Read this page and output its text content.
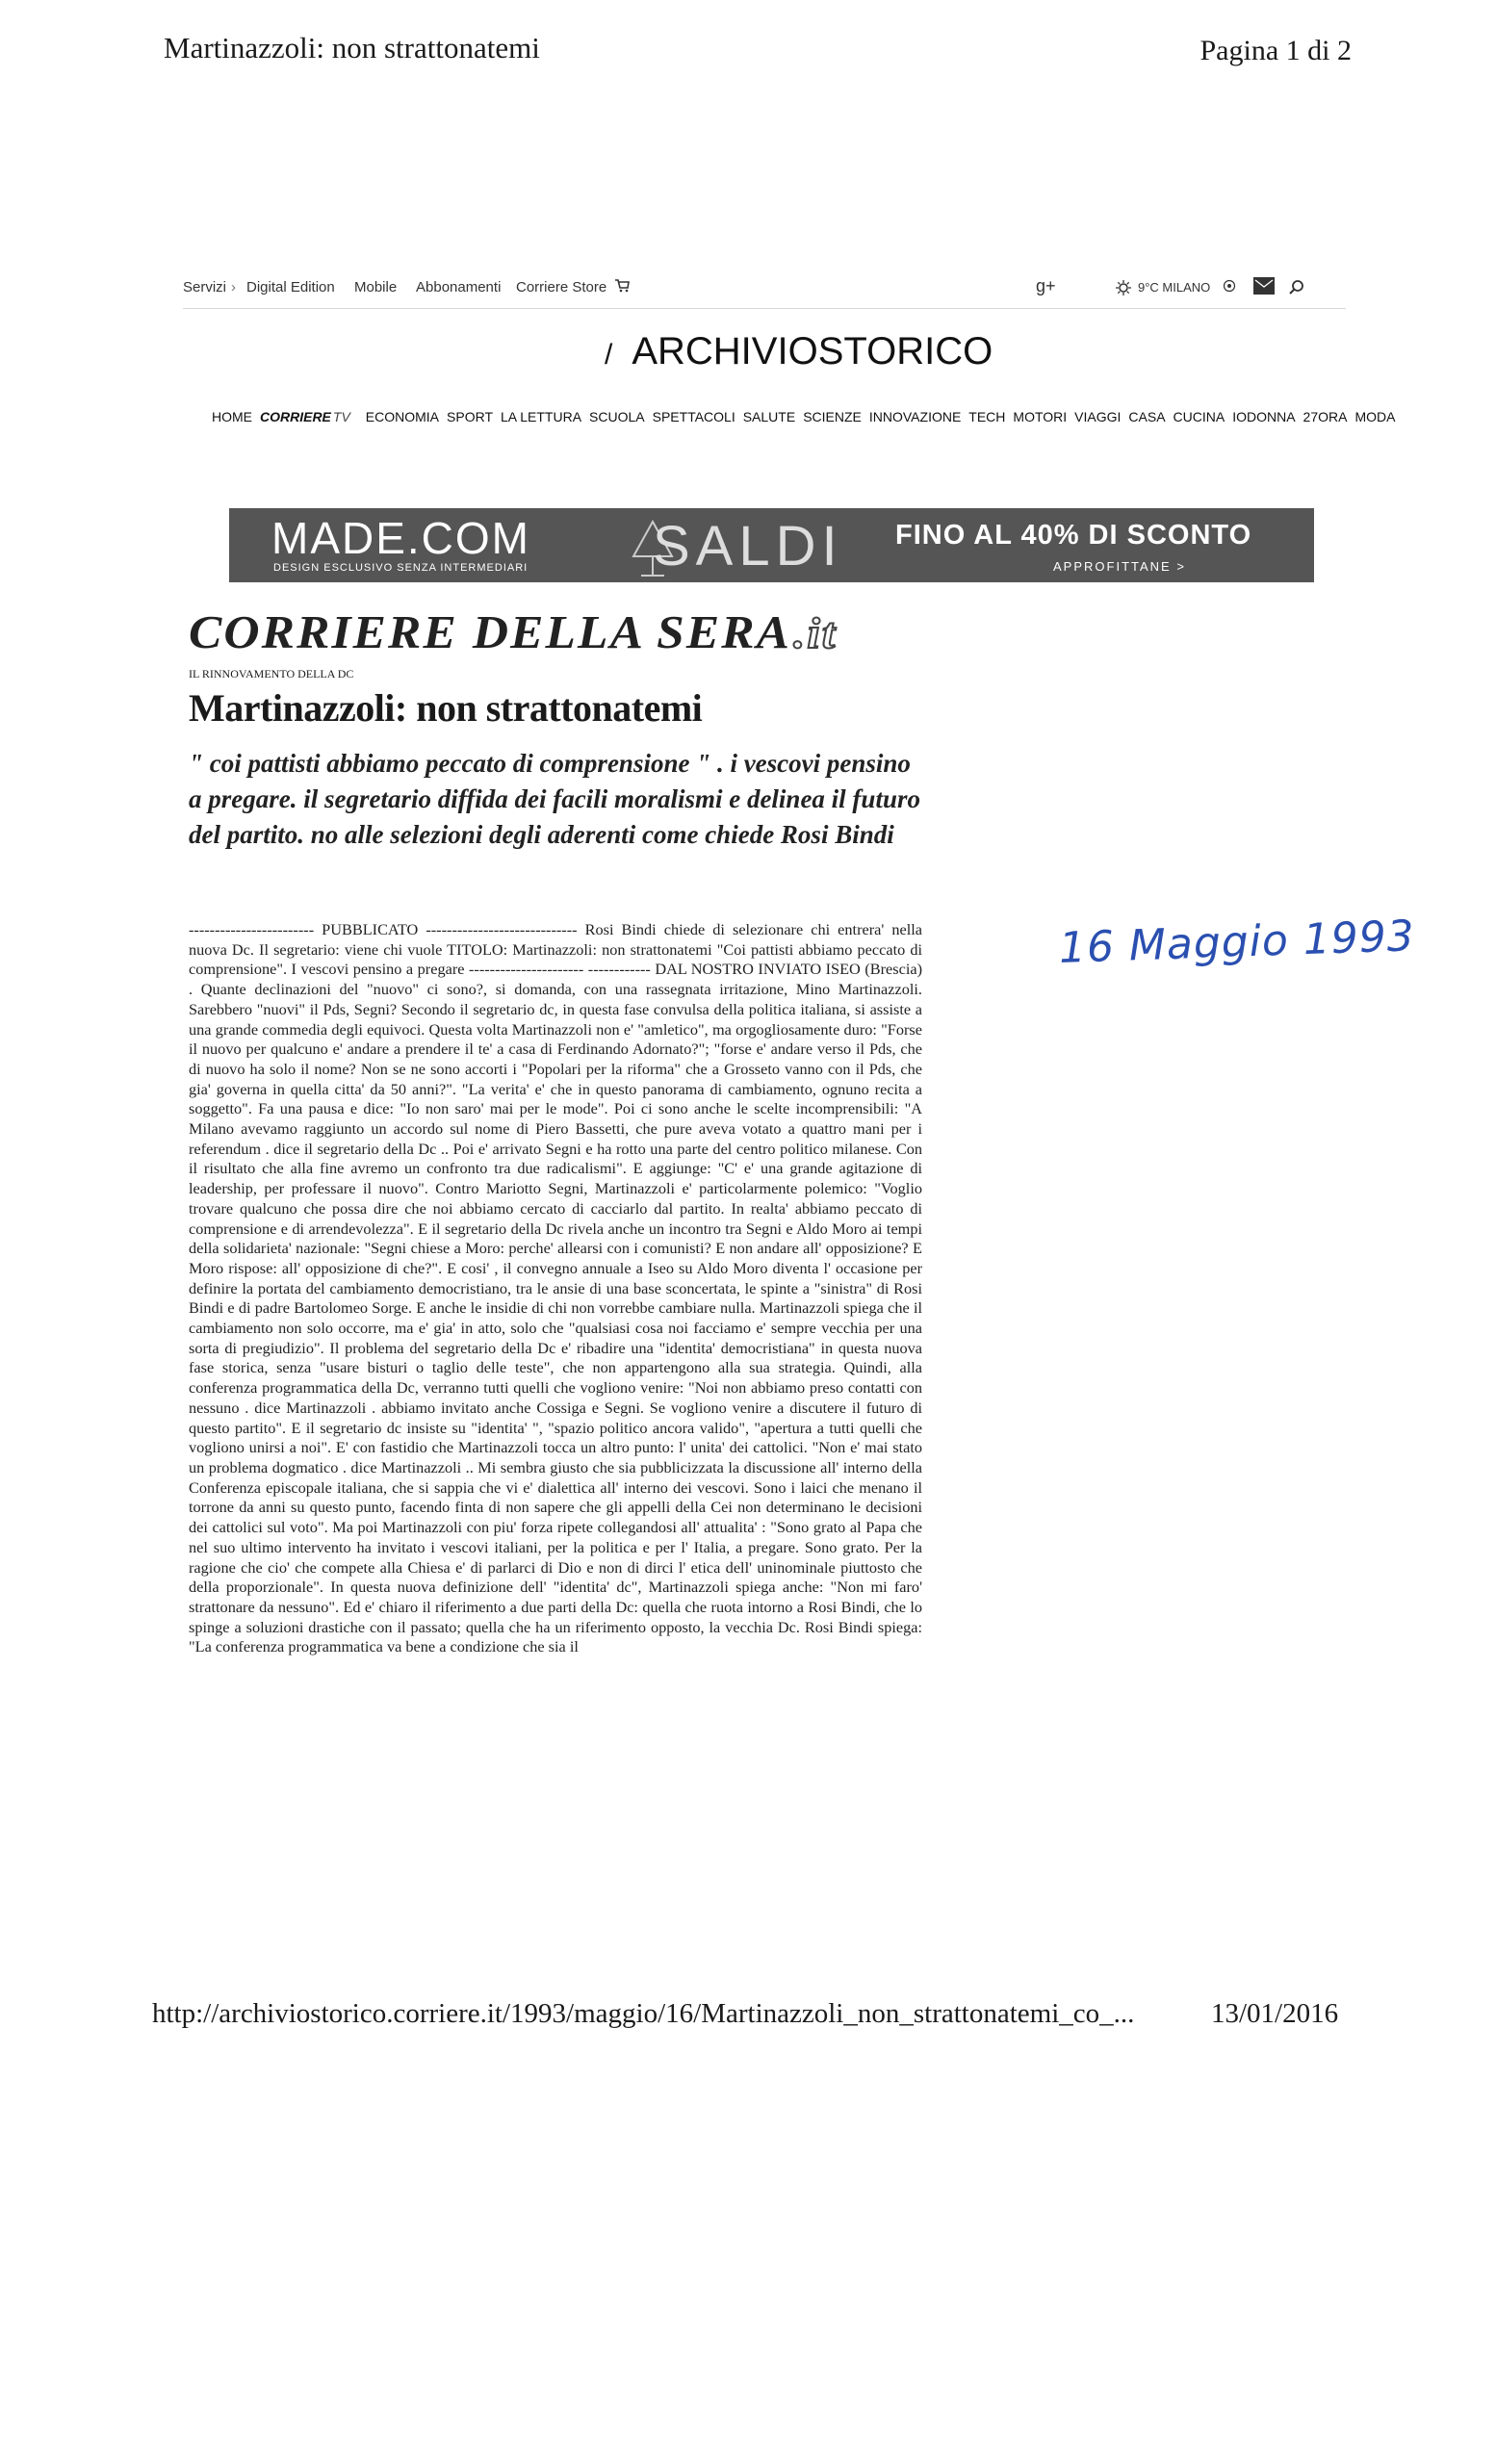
Martinazzoli: non strattonatemi	Pagina 1 di 2
Servizi › Digital Edition Mobile Abbonamenti Corriere Store	g+	9°C MILANO
/ ARCHIVIOSTORICO
HOME CORRIERE TV ECONOMIA SPORT LA LETTURA SCUOLA SPETTACOLI SALUTE SCIENZE INNOVAZIONE TECH MOTORI VIAGGI CASA CUCINA IODONNA 27ORA MODA
MADE.COM
DESIGN ESCLUSIVO SENZA INTERMEDIARI SALDI FINO AL 40% DI SCONTO
APPROFITTANE >
CORRIERE DELLA SERA.it
IL RINNOVAMENTO DELLA DC
Martinazzoli: non strattonatemi
" coi pattisti abbiamo peccato di comprensione " . i vescovi pensino a pregare. il segretario diffida dei facili moralismi e delinea il futuro del partito. no alle selezioni degli aderenti come chiede Rosi Bindi
------------------------ PUBBLICATO ----------------------------- Rosi Bindi chiede di selezionare chi entrera' nella nuova Dc. Il segretario: viene chi vuole TITOLO: Martinazzoli: non strattonatemi "Coi pattisti abbiamo peccato di comprensione". I vescovi pensino a pregare ---------------------- ------------ DAL NOSTRO INVIATO ISEO (Brescia) . Quante declinazioni del "nuovo" ci sono?, si domanda, con una rassegnata irritazione, Mino Martinazzoli. Sarebbero "nuovi" il Pds, Segni? Secondo il segretario dc, in questa fase convulsa della politica italiana, si assiste a una grande commedia degli equivoci. Questa volta Martinazzoli non e' "amletico", ma orgogliosamente duro: "Forse il nuovo per qualcuno e' andare a prendere il te' a casa di Ferdinando Adornato?"; "forse e' andare verso il Pds, che di nuovo ha solo il nome? Non se ne sono accorti i "Popolari per la riforma" che a Grosseto vanno con il Pds, che gia' governa in quella citta' da 50 anni?". "La verita' e' che in questo panorama di cambiamento, ognuno recita a soggetto". Fa una pausa e dice: "Io non saro' mai per le mode". Poi ci sono anche le scelte incomprensibili: "A Milano avevamo raggiunto un accordo sul nome di Piero Bassetti, che pure aveva votato a quattro mani per i referendum . dice il segretario della Dc .. Poi e' arrivato Segni e ha rotto una parte del centro politico milanese. Con il risultato che alla fine avremo un confronto tra due radicalismi". E aggiunge: "C' e' una grande agitazione di leadership, per professare il nuovo". Contro Mariotto Segni, Martinazzoli e' particolarmente polemico: "Voglio trovare qualcuno che possa dire che noi abbiamo cercato di cacciarlo dal partito. In realta' abbiamo peccato di comprensione e di arrendevolezza". E il segretario della Dc rivela anche un incontro tra Segni e Aldo Moro ai tempi della solidarieta' nazionale: "Segni chiese a Moro: perche' allearsi con i comunisti? E non andare all' opposizione? E Moro rispose: all' opposizione di che?". E cosi' , il convegno annuale a Iseo su Aldo Moro diventa l' occasione per definire la portata del cambiamento democristiano, tra le ansie di una base sconcertata, le spinte a "sinistra" di Rosi Bindi e di padre Bartolomeo Sorge. E anche le insidie di chi non vorrebbe cambiare nulla. Martinazzoli spiega che il cambiamento non solo occorre, ma e' gia' in atto, solo che "qualsiasi cosa noi facciamo e' sempre vecchia per una sorta di pregiudizio". Il problema del segretario della Dc e' ribadire una "identita' democristiana" in questa nuova fase storica, senza "usare bisturi o taglio delle teste", che non appartengono alla sua strategia. Quindi, alla conferenza programmatica della Dc, verranno tutti quelli che vogliono venire: "Noi non abbiamo preso contatti con nessuno . dice Martinazzoli . abbiamo invitato anche Cossiga e Segni. Se vogliono venire a discutere il futuro di questo partito". E il segretario dc insiste su "identita' ", "spazio politico ancora valido", "apertura a tutti quelli che vogliono unirsi a noi". E' con fastidio che Martinazzoli tocca un altro punto: l' unita' dei cattolici. "Non e' mai stato un problema dogmatico . dice Martinazzoli .. Mi sembra giusto che sia pubblicizzata la discussione all' interno della Conferenza episcopale italiana, che si sappia che vi e' dialettica all' interno dei vescovi. Sono i laici che menano il torrone da anni su questo punto, facendo finta di non sapere che gli appelli della Cei non determinano le decisioni dei cattolici sul voto". Ma poi Martinazzoli con piu' forza ripete collegandosi all' attualita' : "Sono grato al Papa che nel suo ultimo intervento ha invitato i vescovi italiani, per la politica e per l' Italia, a pregare. Sono grato. Per la ragione che cio' che compete alla Chiesa e' di parlarci di Dio e non di dirci l' etica dell' uninominale piuttosto che della proporzionale". In questa nuova definizione dell' "identita' dc", Martinazzoli spiega anche: "Non mi faro' strattonare da nessuno". Ed e' chiaro il riferimento a due parti della Dc: quella che ruota intorno a Rosi Bindi, che lo spinge a soluzioni drastiche con il passato; quella che ha un riferimento opposto, la vecchia Dc. Rosi Bindi spiega: "La conferenza programmatica va bene a condizione che sia il
16 Maggio 1993
http://archiviostorico.corriere.it/1993/maggio/16/Martinazzoli_non_strattonatemi_co_...	13/01/2016
